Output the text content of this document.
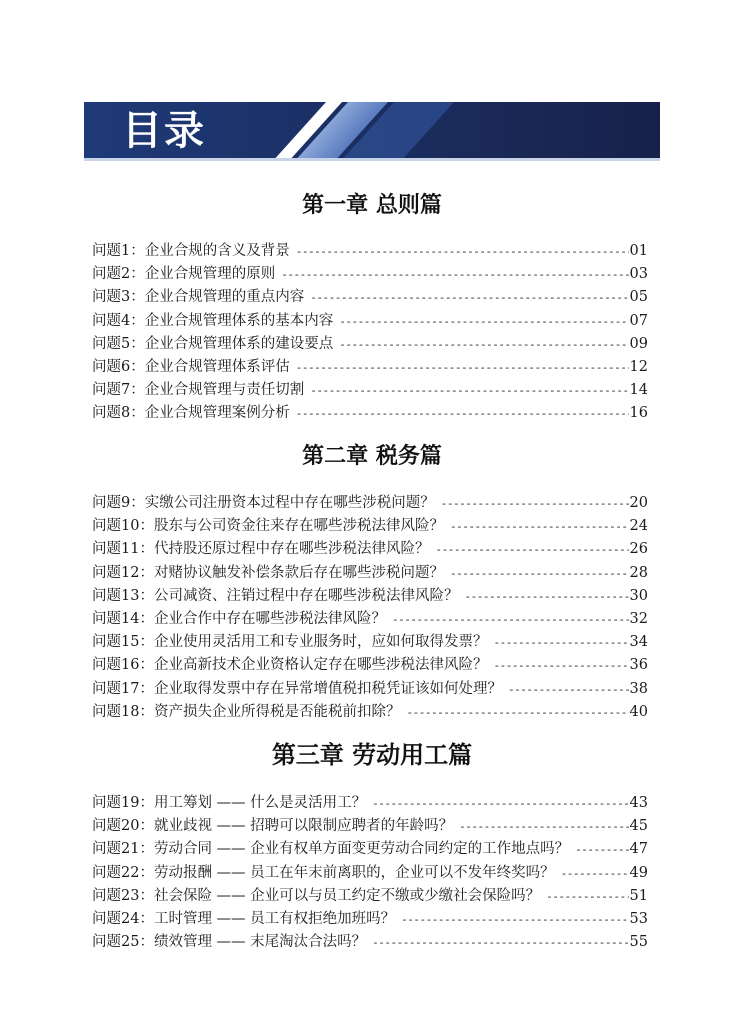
目录
第一章 总则篇
问题1： 企业合规的含义及背景 -----	01
问题2： 企业合规管理的原则 -----	03
问题3： 企业合规管理的重点内容 -----	05
问题4： 企业合规管理体系的基本内容 -----	07
问题5： 企业合规管理体系的建设要点 -----	09
问题6： 企业合规管理体系评估 -----	12
问题7： 企业合规管理与责任切割 -----	14
问题8： 企业合规管理案例分析 -----	16
第二章 税务篇
问题9： 实缴公司注册资本过程中存在哪些涉税问题？ -----	20
问题10： 股东与公司资金往来存在哪些涉税法律风险？ -----	24
问题11： 代持股还原过程中存在哪些涉税法律风险？ -----	26
问题12： 对赌协议触发补偿条款后存在哪些涉税问题？ -----	28
问题13： 公司减资、注销过程中存在哪些涉税法律风险？ -----	30
问题14： 企业合作中存在哪些涉税法律风险？ -----	32
问题15： 企业使用灵活用工和专业服务时，应如何取得发票？ -----	34
问题16： 企业高新技术企业资格认定存在哪些涉税法律风险？ -----	36
问题17： 企业取得发票中存在异常增值税扣税凭证该如何处理？ -----	38
问题18： 资产损失企业所得税是否能税前扣除？ -----	40
第三章 劳动用工篇
问题19： 用工筹划 —— 什么是灵活用工？ -----	43
问题20： 就业歧视 —— 招聘可以限制应聘者的年龄吗？ -----	45
问题21： 劳动合同 —— 企业有权单方面变更劳动合同约定的工作地点吗？ -----	47
问题22： 劳动报酬 —— 员工在年末前离职的，企业可以不发年终奖吗？ -----	49
问题23： 社会保险 —— 企业可以与员工约定不缴或少缴社会保险吗？ -----	51
问题24： 工时管理 —— 员工有权拒绝加班吗？ -----	53
问题25： 绩效管理 —— 末尾淘汰合法吗？ -----	55
